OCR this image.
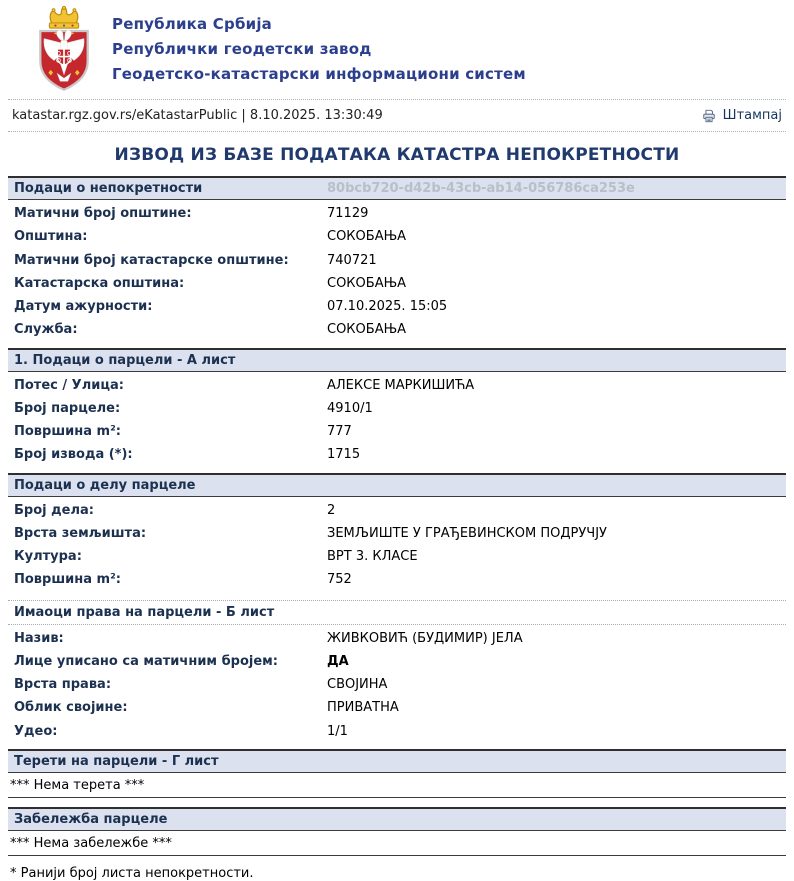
Република Србија
Републички геодетски завод
Геодетско-катастарски информациони систем
katastar.rgz.gov.rs/eKatastarPublic | 8.10.2025. 13:30:49	Штампај
ИЗВОД ИЗ БАЗЕ ПОДАТАКА КАТАСТРА НЕПОКРЕТНОСТИ
Подаци о непокретности	80bcb720-d42b-43cb-ab14-056786ca253e
Матични број општине:	71129
Општина:	СОКОБАЊА
Матични број катастарске општине:	740721
Катастарска општина:	СОКОБАЊА
Датум ажурности:	07.10.2025. 15:05
Служба:	СОКОБАЊА
1. Подаци о парцели - А лист
Потес / Улица:	АЛЕКСЕ МАРКИШИЋА
Број парцеле:	4910/1
Површина m²:	777
Број извода (*):	1715
Подаци о делу парцеле
Број дела:	2
Врста земљишта:	ЗЕМЉИШТЕ У ГРАЂЕВИНСКОМ ПОДРУЧЈУ
Култура:	ВРТ 3. КЛАСЕ
Површина m²:	752
Имаоци права на парцели - Б лист
Назив:	ЖИВКОВИЋ (БУДИМИР) ЈЕЛА
Лице уписано са матичним бројем:	ДА
Врста права:	СВОЈИНА
Облик својине:	ПРИВАТНА
Удео:	1/1
Терети на парцели - Г лист
*** Нема терета ***
Забележба парцеле
*** Нема забележбе ***
* Ранији број листа непокретности.
